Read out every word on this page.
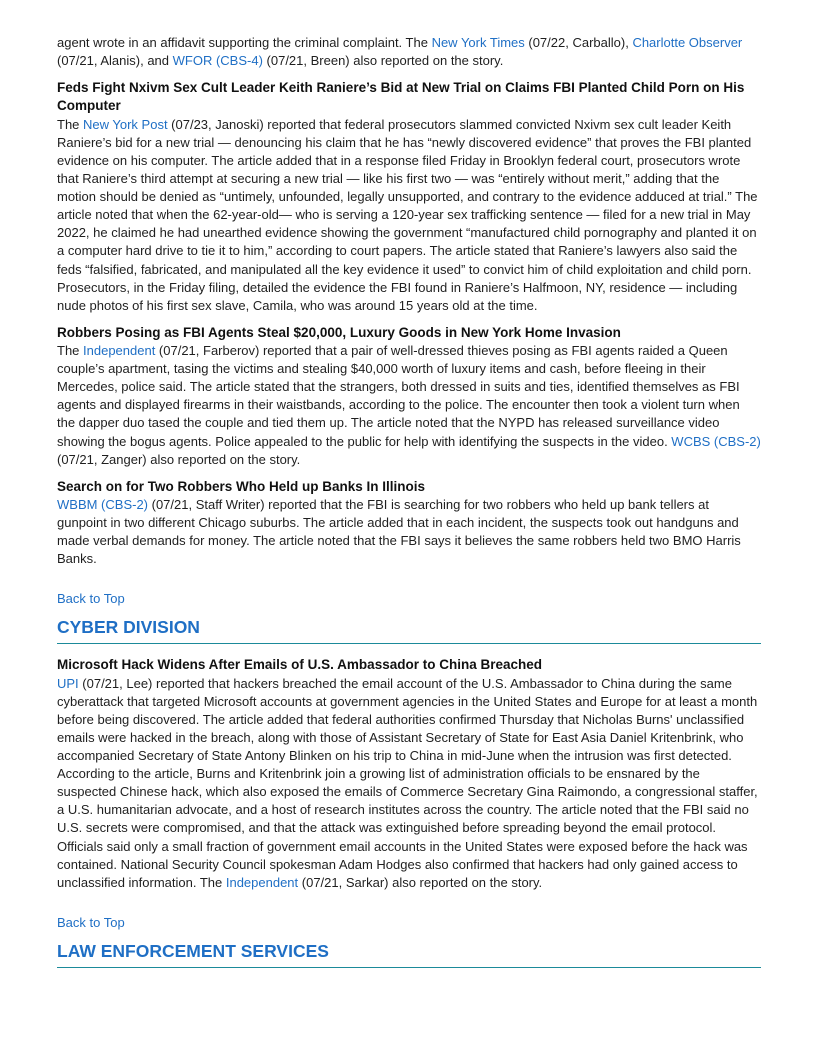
agent wrote in an affidavit supporting the criminal complaint. The New York Times (07/22, Carballo), Charlotte Observer (07/21, Alanis), and WFOR (CBS-4) (07/21, Breen) also reported on the story.

Feds Fight Nxivm Sex Cult Leader Keith Raniere’s Bid at New Trial on Claims FBI Planted Child Porn on His Computer

The New York Post (07/23, Janoski) reported that federal prosecutors slammed convicted Nxivm sex cult leader Keith Raniere’s bid for a new trial — denouncing his claim that he has “newly discovered evidence” that proves the FBI planted evidence on his computer. The article added that in a response filed Friday in Brooklyn federal court, prosecutors wrote that Raniere’s third attempt at securing a new trial — like his first two — was “entirely without merit,” adding that the motion should be denied as “untimely, unfounded, legally unsupported, and contrary to the evidence adduced at trial.” The article noted that when the 62-year-old— who is serving a 120-year sex trafficking sentence — filed for a new trial in May 2022, he claimed he had unearthed evidence showing the government “manufactured child pornography and planted it on a computer hard drive to tie it to him,” according to court papers. The article stated that Raniere’s lawyers also said the feds “falsified, fabricated, and manipulated all the key evidence it used” to convict him of child exploitation and child porn. Prosecutors, in the Friday filing, detailed the evidence the FBI found in Raniere’s Halfmoon, NY, residence — including nude photos of his first sex slave, Camila, who was around 15 years old at the time.

Robbers Posing as FBI Agents Steal $20,000, Luxury Goods in New York Home Invasion

The Independent (07/21, Farberov) reported that a pair of well-dressed thieves posing as FBI agents raided a Queen couple’s apartment, tasing the victims and stealing $40,000 worth of luxury items and cash, before fleeing in their Mercedes, police said. The article stated that the strangers, both dressed in suits and ties, identified themselves as FBI agents and displayed firearms in their waistbands, according to the police. The encounter then took a violent turn when the dapper duo tased the couple and tied them up. The article noted that the NYPD has released surveillance video showing the bogus agents. Police appealed to the public for help with identifying the suspects in the video. WCBS (CBS-2) (07/21, Zanger) also reported on the story.

Search on for Two Robbers Who Held up Banks In Illinois

WBBM (CBS-2) (07/21, Staff Writer) reported that the FBI is searching for two robbers who held up bank tellers at gunpoint in two different Chicago suburbs. The article added that in each incident, the suspects took out handguns and made verbal demands for money. The article noted that the FBI says it believes the same robbers held two BMO Harris Banks.

Back to Top

CYBER DIVISION
Microsoft Hack Widens After Emails of U.S. Ambassador to China Breached

UPI (07/21, Lee) reported that hackers breached the email account of the U.S. Ambassador to China during the same cyberattack that targeted Microsoft accounts at government agencies in the United States and Europe for at least a month before being discovered. The article added that federal authorities confirmed Thursday that Nicholas Burns' unclassified emails were hacked in the breach, along with those of Assistant Secretary of State for East Asia Daniel Kritenbrink, who accompanied Secretary of State Antony Blinken on his trip to China in mid-June when the intrusion was first detected. According to the article, Burns and Kritenbrink join a growing list of administration officials to be ensnared by the suspected Chinese hack, which also exposed the emails of Commerce Secretary Gina Raimondo, a congressional staffer, a U.S. humanitarian advocate, and a host of research institutes across the country. The article noted that the FBI said no U.S. secrets were compromised, and that the attack was extinguished before spreading beyond the email protocol. Officials said only a small fraction of government email accounts in the United States were exposed before the hack was contained. National Security Council spokesman Adam Hodges also confirmed that hackers had only gained access to unclassified information. The Independent (07/21, Sarkar) also reported on the story.

Back to Top

LAW ENFORCEMENT SERVICES
